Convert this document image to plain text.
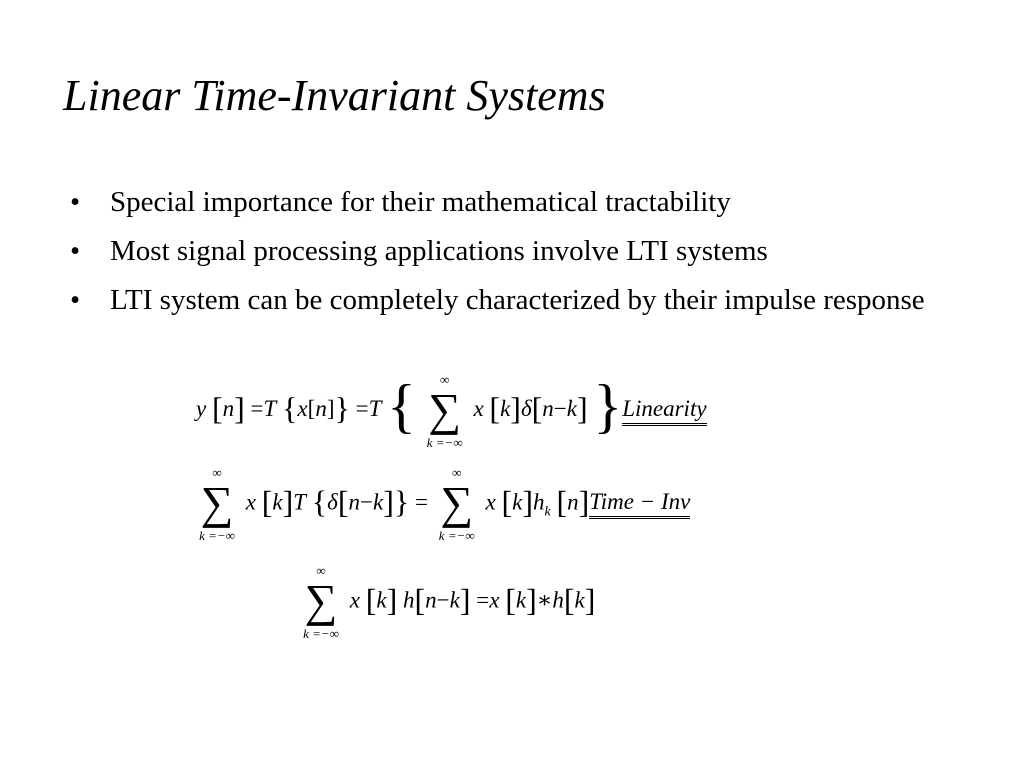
Linear Time-Invariant Systems
• Special importance for their mathematical tractability
• Most signal processing applications involve LTI systems
• LTI system can be completely characterized by their impulse response
y [n] =T {x[n]} =T {	∞
∑
k =−∞
x [k]δ[n−k] }Linearity
∞
∑
k =−∞
x [k]T {δ[n−k]} =
∞
∑
k =−∞
x $[k]h_k$ [n]Time − Inv
∞
∑
k =−∞
x [k] h[n−k] =x [k]∗h[k]
